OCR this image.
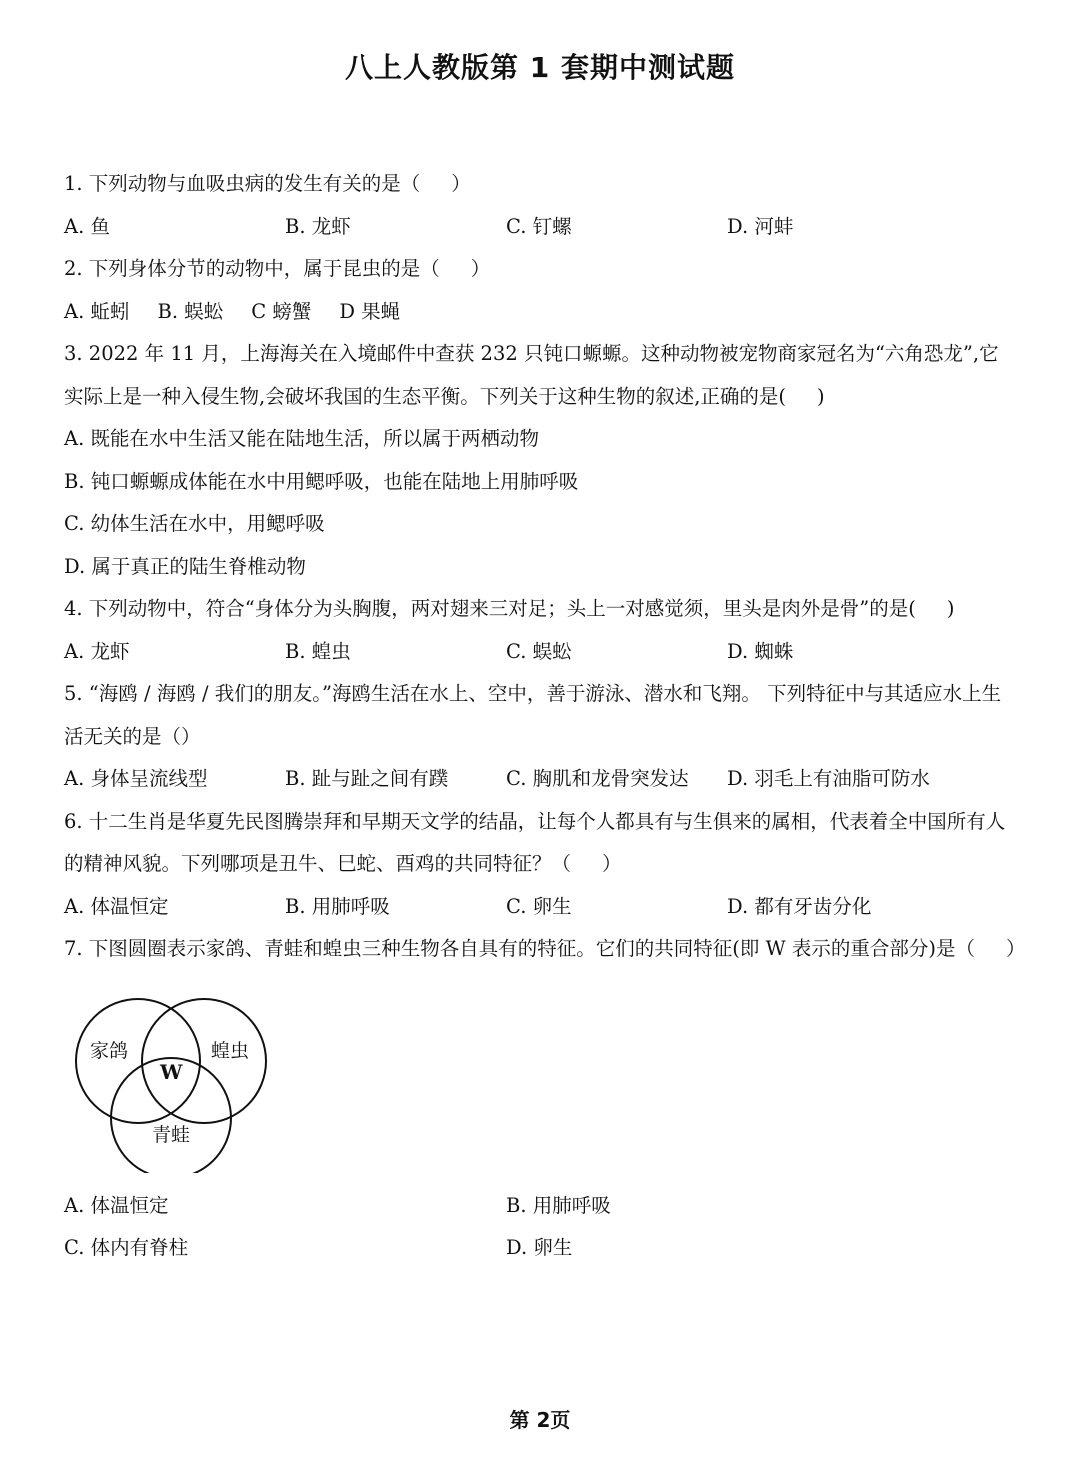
八上人教版第 1 套期中测试题

1. 下列动物与血吸虫病的发生有关的是（     ）

A. 鱼	B. 龙虾	C. 钉螺	D. 河蚌

2. 下列身体分节的动物中，属于昆虫的是（     ）

A. 蚯蚓 B. 蜈蚣 C 螃蟹 D 果蝇

3. 2022 年 11 月，上海海关在入境邮件中查获 232 只钝口螈螈。这种动物被宠物商家冠名为“六角恐龙”,它实际上是一种入侵生物,会破坏我国的生态平衡。下列关于这种生物的叙述,正确的是(     )

A. 既能在水中生活又能在陆地生活，所以属于两栖动物

B. 钝口螈螈成体能在水中用鳃呼吸，也能在陆地上用肺呼吸

C. 幼体生活在水中，用鳃呼吸

D. 属于真正的陆生脊椎动物

4. 下列动物中，符合“身体分为头胸腹，两对翅来三对足；头上一对感觉须，里头是肉外是骨”的是(     )

A. 龙虾	B. 蝗虫	C. 蜈蚣	D. 蜘蛛

5. “海鸥 / 海鸥 / 我们的朋友。”海鸥生活在水上、空中，善于游泳、潜水和飞翔。 下列特征中与其适应水上生活无关的是（）

A. 身体呈流线型	B. 趾与趾之间有蹼	C. 胸肌和龙骨突发达	D. 羽毛上有油脂可防水

6. 十二生肖是华夏先民图腾崇拜和早期天文学的结晶，让每个人都具有与生俱来的属相，代表着全中国所有人的精神风貌。下列哪项是丑牛、巳蛇、酉鸡的共同特征？（     ）

A. 体温恒定	B. 用肺呼吸	C. 卵生	D. 都有牙齿分化

7. 下图圆圈表示家鸽、青蛙和蝗虫三种生物各自具有的特征。它们的共同特征(即 W 表示的重合部分)是（     ）

家鸽	蝗虫
青蛙
W
A. 体温恒定	B. 用肺呼吸
C. 体内有脊柱	D. 卵生
第 2页
